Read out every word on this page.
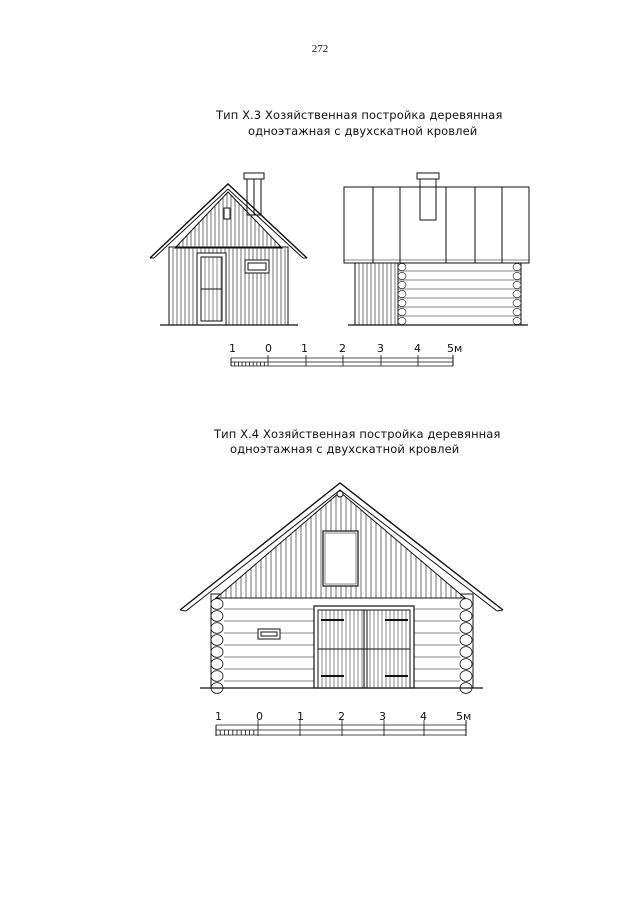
272
Тип Х.3 Хозяйственная постройка деревянная
одноэтажная с двухскатной кровлей
Тип Х.4 Хозяйственная постройка деревянная
одноэтажная с двухскатной кровлей
1	0	1	2	3	4 5м
1	0	1	2	3	4	5м
